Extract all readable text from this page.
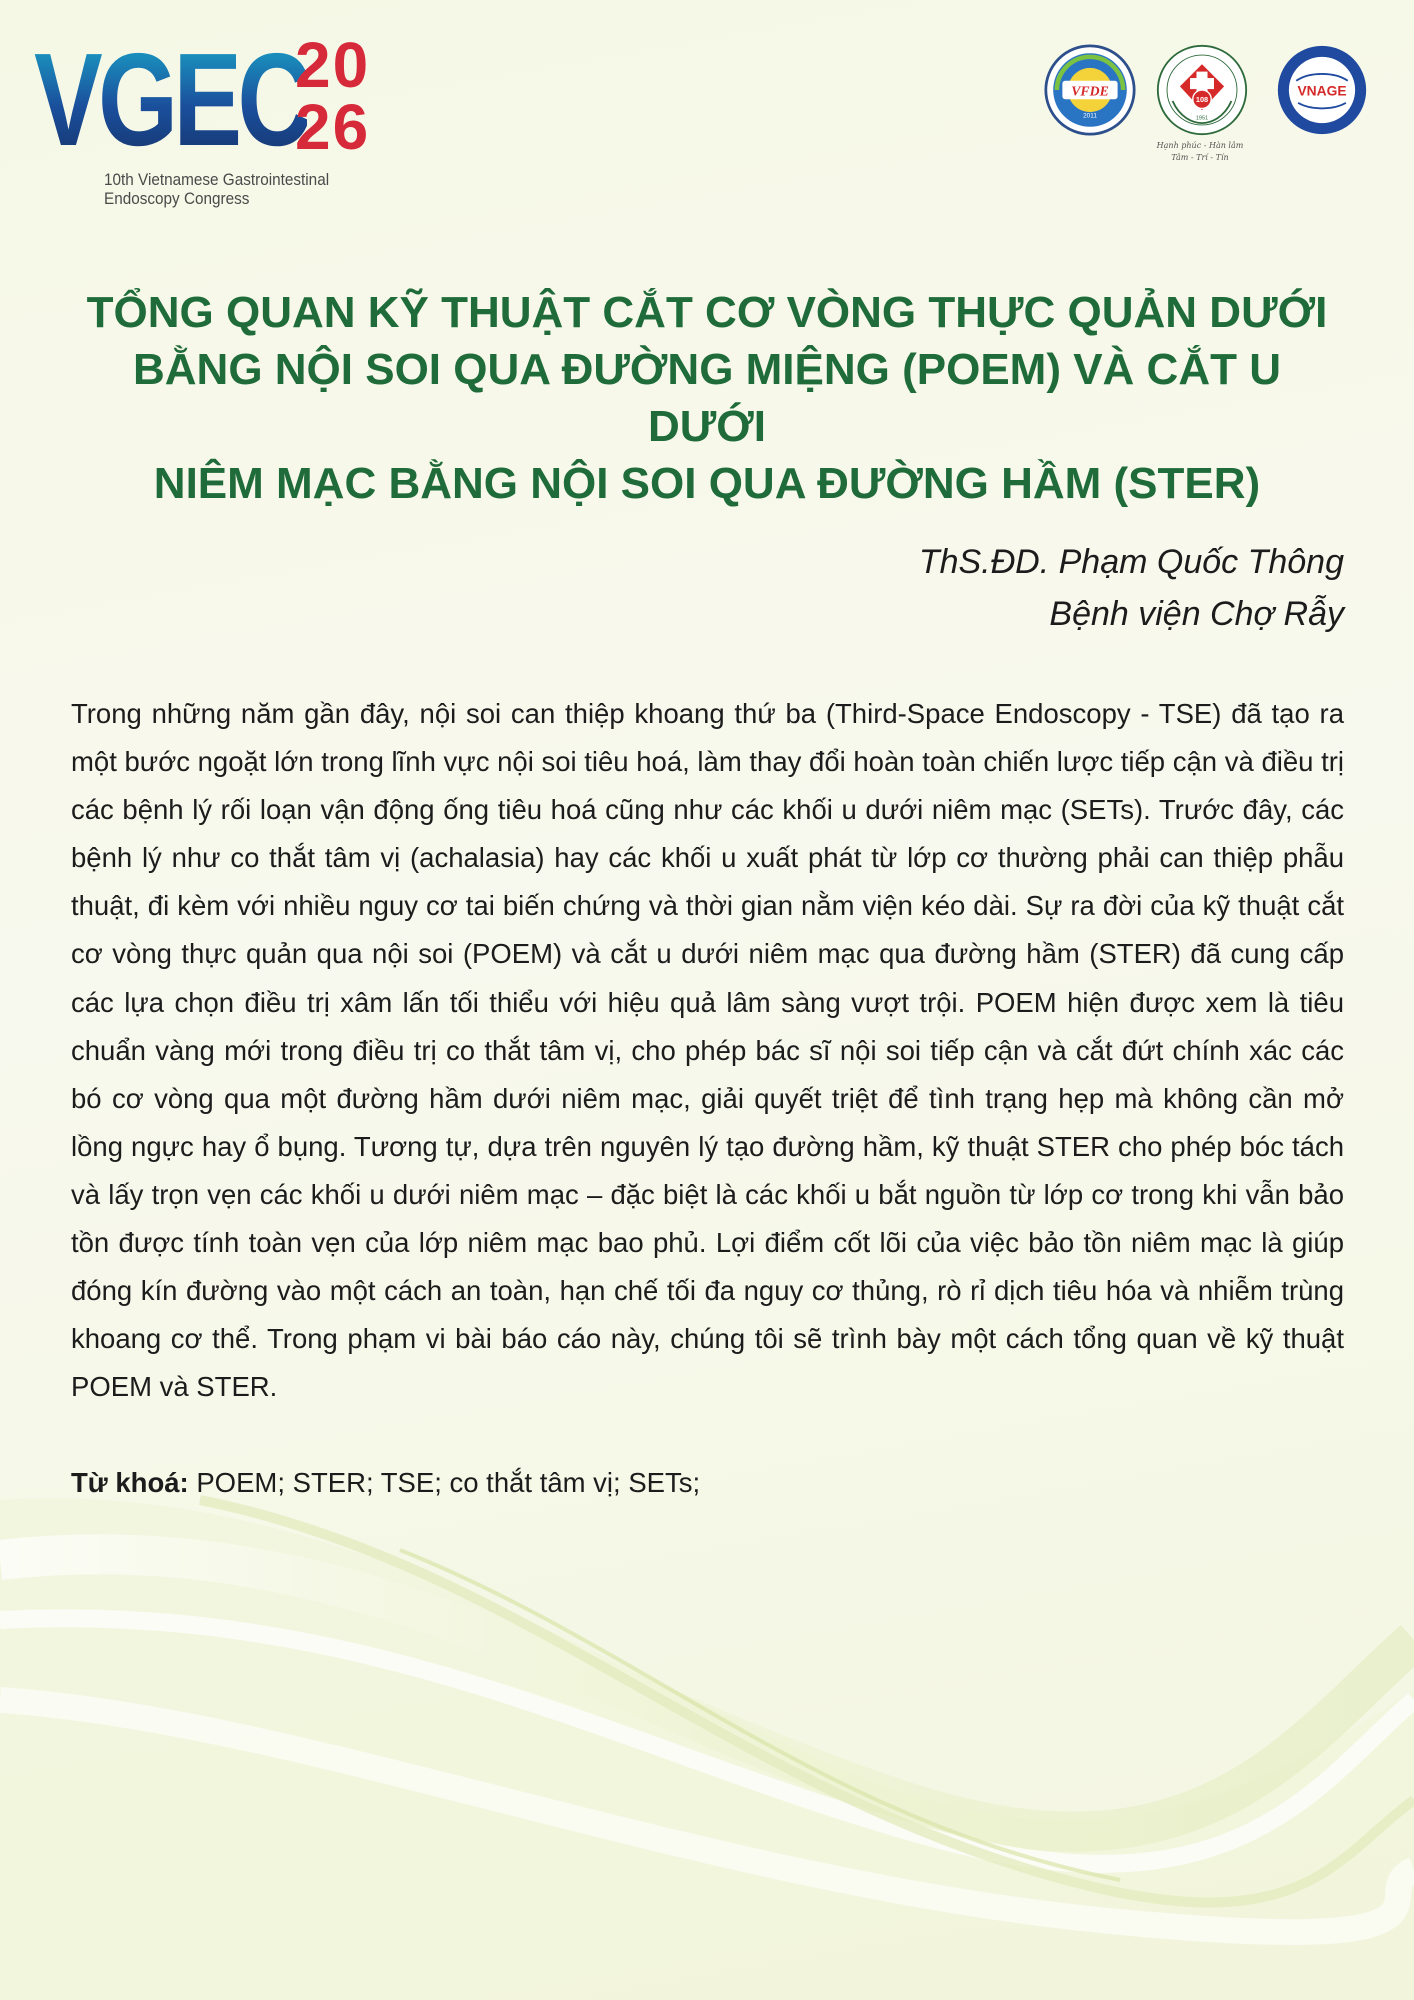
VGEC
20
26
10th Vietnamese Gastrointestinal
Endoscopy Congress
VFDE
2011
108
1951
Hạnh phúc - Hàn lâm
Tâm - Trí - Tín
VNAGE
TỔNG QUAN KỸ THUẬT CẮT CƠ VÒNG THỰC QUẢN DƯỚI
BẰNG NỘI SOI QUA ĐƯỜNG MIỆNG (POEM) VÀ CẮT U DƯỚI
NIÊM MẠC BẰNG NỘI SOI QUA ĐƯỜNG HẦM (STER)
ThS.ĐD. Phạm Quốc Thông
Bệnh viện Chợ Rẫy

Trong những năm gần đây, nội soi can thiệp khoang thứ ba (Third-Space Endoscopy - TSE) đã tạo ra một bước ngoặt lớn trong lĩnh vực nội soi tiêu hoá, làm thay đổi hoàn toàn chiến lược tiếp cận và điều trị các bệnh lý rối loạn vận động ống tiêu hoá cũng như các khối u dưới niêm mạc (SETs). Trước đây, các bệnh lý như co thắt tâm vị (achalasia) hay các khối u xuất phát từ lớp cơ thường phải can thiệp phẫu thuật, đi kèm với nhiều nguy cơ tai biến chứng và thời gian nằm viện kéo dài. Sự ra đời của kỹ thuật cắt cơ vòng thực quản qua nội soi (POEM) và cắt u dưới niêm mạc qua đường hầm (STER) đã cung cấp các lựa chọn điều trị xâm lấn tối thiểu với hiệu quả lâm sàng vượt trội. POEM hiện được xem là tiêu chuẩn vàng mới trong điều trị co thắt tâm vị, cho phép bác sĩ nội soi tiếp cận và cắt đứt chính xác các bó cơ vòng qua một đường hầm dưới niêm mạc, giải quyết triệt để tình trạng hẹp mà không cần mở lồng ngực hay ổ bụng. Tương tự, dựa trên nguyên lý tạo đường hầm, kỹ thuật STER cho phép bóc tách và lấy trọn vẹn các khối u dưới niêm mạc – đặc biệt là các khối u bắt nguồn từ lớp cơ trong khi vẫn bảo tồn được tính toàn vẹn của lớp niêm mạc bao phủ. Lợi điểm cốt lõi của việc bảo tồn niêm mạc là giúp đóng kín đường vào một cách an toàn, hạn chế tối đa nguy cơ thủng, rò rỉ dịch tiêu hóa và nhiễm trùng khoang cơ thể. Trong phạm vi bài báo cáo này, chúng tôi sẽ trình bày một cách tổng quan về kỹ thuật POEM và STER.

Từ khoá: POEM; STER; TSE; co thắt tâm vị; SETs;
